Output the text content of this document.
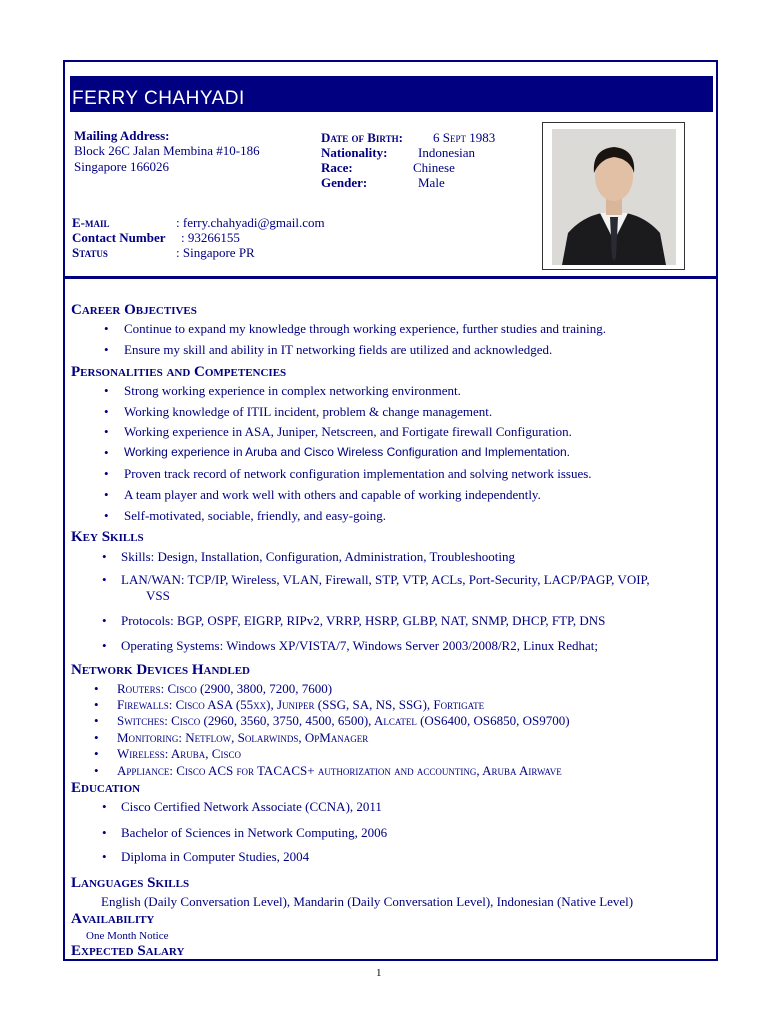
FERRY CHAHYADI
Mailing Address:
Block 26C Jalan Membina #10-186
Singapore 166026
Date of Birth: 6 Sept 1983
Nationality: Indonesian
Race:	Chinese
Gender:	Male
E-mail	: ferry.chahyadi@gmail.com
Contact Number : 93266155
Status	: Singapore PR
Career Objectives
• Continue to expand my knowledge through working experience, further studies and training.
• Ensure my skill and ability in IT networking fields are utilized and acknowledged.
Personalities and Competencies
• Strong working experience in complex networking environment.
• Working knowledge of ITIL incident, problem & change management.
• Working experience in ASA, Juniper, Netscreen, and Fortigate firewall Configuration.
• Working experience in Aruba and Cisco Wireless Configuration and Implementation.
• Proven track record of network configuration implementation and solving network issues.
• A team player and work well with others and capable of working independently.
• Self-motivated, sociable, friendly, and easy-going.
Key Skills
• Skills: Design, Installation, Configuration, Administration, Troubleshooting
• LAN/WAN: TCP/IP, Wireless, VLAN, Firewall, STP, VTP, ACLs, Port-Security, LACP/PAGP, VOIP,
VSS
• Protocols: BGP, OSPF, EIGRP, RIPv2, VRRP, HSRP, GLBP, NAT, SNMP, DHCP, FTP, DNS
• Operating Systems: Windows XP/VISTA/7, Windows Server 2003/2008/R2, Linux Redhat;
Network Devices Handled
• Routers: Cisco (2900, 3800, 7200, 7600)
• Firewalls: Cisco ASA (55xx), Juniper (SSG, SA, NS, SSG), Fortigate
• Switches: Cisco (2960, 3560, 3750, 4500, 6500), Alcatel (OS6400, OS6850, OS9700)
• Monitoring: Netflow, Solarwinds, OpManager
• Wireless: Aruba, Cisco
• Appliance: Cisco ACS for TACACS+ authorization and accounting, Aruba Airwave
Education
• Cisco Certified Network Associate (CCNA), 2011
• Bachelor of Sciences in Network Computing, 2006
• Diploma in Computer Studies, 2004
Languages Skills
English (Daily Conversation Level), Mandarin (Daily Conversation Level), Indonesian (Native Level)
Availability
One Month Notice
Expected Salary
1
